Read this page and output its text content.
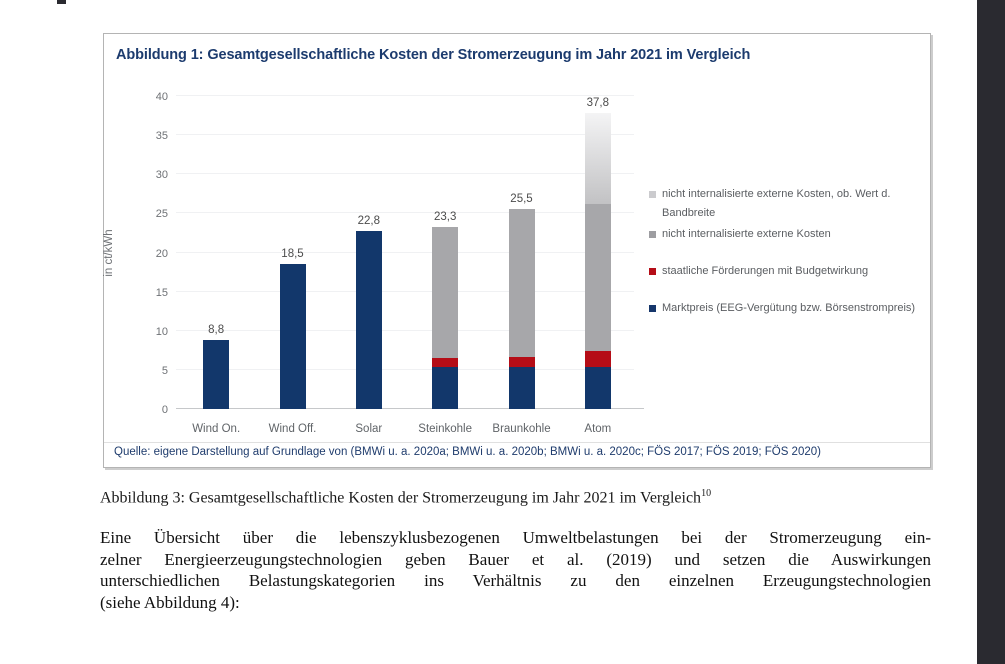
Abbildung 1: Gesamtgesellschaftliche Kosten der Stromerzeugung im Jahr 2021 im Vergleich
in ct/kWh
0
5
10
15
20
25
30
35
40
8,8
Wind On.
18,5
Wind Off.
22,8
Solar
23,3
Steinkohle
25,5
Braunkohle
37,8
Atom
nicht internalisierte externe Kosten, ob. Wert d. Bandbreite
nicht internalisierte externe Kosten
staatliche Förderungen mit Budgetwirkung
Marktpreis (EEG-Vergütung bzw. Börsenstrompreis)
Quelle: eigene Darstellung auf Grundlage von (BMWi u. a. 2020a; BMWi u. a. 2020b; BMWi u. a. 2020c; FÖS 2017; FÖS 2019; FÖS 2020)
Abbildung 3: Gesamtgesellschaftliche Kosten der Stromerzeugung im Jahr 2021 im Vergleich$^{10}$
Eine Übersicht über die lebenszyklusbezogenen Umweltbelastungen bei der Stromerzeugung ein-
zelner Energieerzeugungstechnologien geben Bauer et al. (2019) und setzen die Auswirkungen
unterschiedlichen Belastungskategorien ins Verhältnis zu den einzelnen Erzeugungstechnologien
(siehe Abbildung 4):
